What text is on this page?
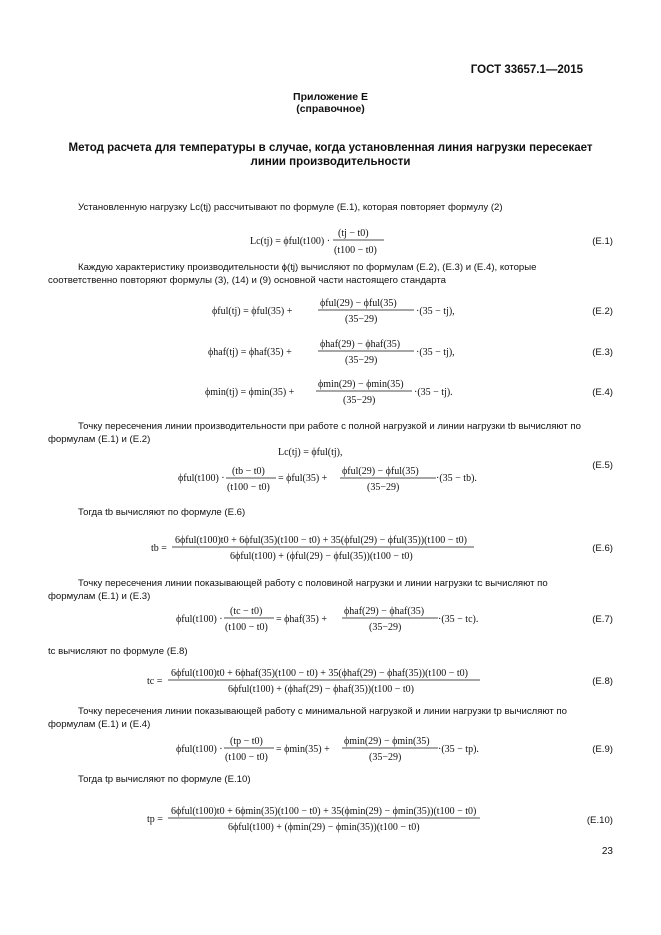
ГОСТ 33657.1—2015
Приложение Е
(справочное)
Метод расчета для температуры в случае, когда установленная линия нагрузки пересекает линии производительности
Установленную нагрузку Lc(tj) рассчитывают по формуле (Е.1), которая повторяет формулу (2)
Каждую характеристику производительности ϕ(tj) вычисляют по формулам (Е.2), (Е.3) и (Е.4), которые соответственно повторяют формулы (3), (14) и (9) основной части настоящего стандарта
Точку пересечения линии производительности при работе с полной нагрузкой и линии нагрузки tb вычисляют по формулам (Е.1) и (Е.2)
Тогда tb вычисляют по формуле (Е.6)
Точку пересечения линии показывающей работу с половиной нагрузки и линии нагрузки tc вычисляют по формулам (Е.1) и (Е.3)
tc вычисляют по формуле (Е.8)
Точку пересечения линии показывающей работу с минимальной нагрузкой и линии нагрузки tp вычисляют по формулам (Е.1) и (Е.4)
Тогда tp вычисляют по формуле (Е.10)
Lc(tj) = ϕful(t100) ·
(tj − t0)
(t100 − t0)
ϕful(tj) = ϕful(35) +
ϕful(29) − ϕful(35)
(35−29)
·(35 − tj),
ϕhaf(tj) = ϕhaf(35) +
ϕhaf(29) − ϕhaf(35)
(35−29)
·(35 − tj),
ϕmin(tj) = ϕmin(35) +
ϕmin(29) − ϕmin(35)
(35−29)
·(35 − tj).
Lc(tj) = ϕful(tj),
ϕful(t100) ·
(tb − t0)
(t100 − t0)
= ϕful(35) +
ϕful(29) − ϕful(35)
(35−29)
·(35 − tb).
tb =
6ϕful(t100)t0 + 6ϕful(35)(t100 − t0) + 35(ϕful(29) − ϕful(35))(t100 − t0)
6ϕful(t100) + (ϕful(29) − ϕful(35))(t100 − t0)
ϕful(t100) ·
(tc − t0)
(t100 − t0)
= ϕhaf(35) +
ϕhaf(29) − ϕhaf(35)
(35−29)
·(35 − tc).
tc =
6ϕful(t100)t0 + 6ϕhaf(35)(t100 − t0) + 35(ϕhaf(29) − ϕhaf(35))(t100 − t0)
6ϕful(t100) + (ϕhaf(29) − ϕhaf(35))(t100 − t0)
ϕful(t100) ·
(tp − t0)
(t100 − t0)
= ϕmin(35) +
ϕmin(29) − ϕmin(35)
(35−29)
·(35 − tp).
tp =
6ϕful(t100)t0 + 6ϕmin(35)(t100 − t0) + 35(ϕmin(29) − ϕmin(35))(t100 − t0)
6ϕful(t100) + (ϕmin(29) − ϕmin(35))(t100 − t0)
(Е.1)
(Е.2)
(Е.3)
(Е.4)
(Е.5)
(Е.6)
(Е.7)
(Е.8)
(Е.9)
(Е.10)
23
